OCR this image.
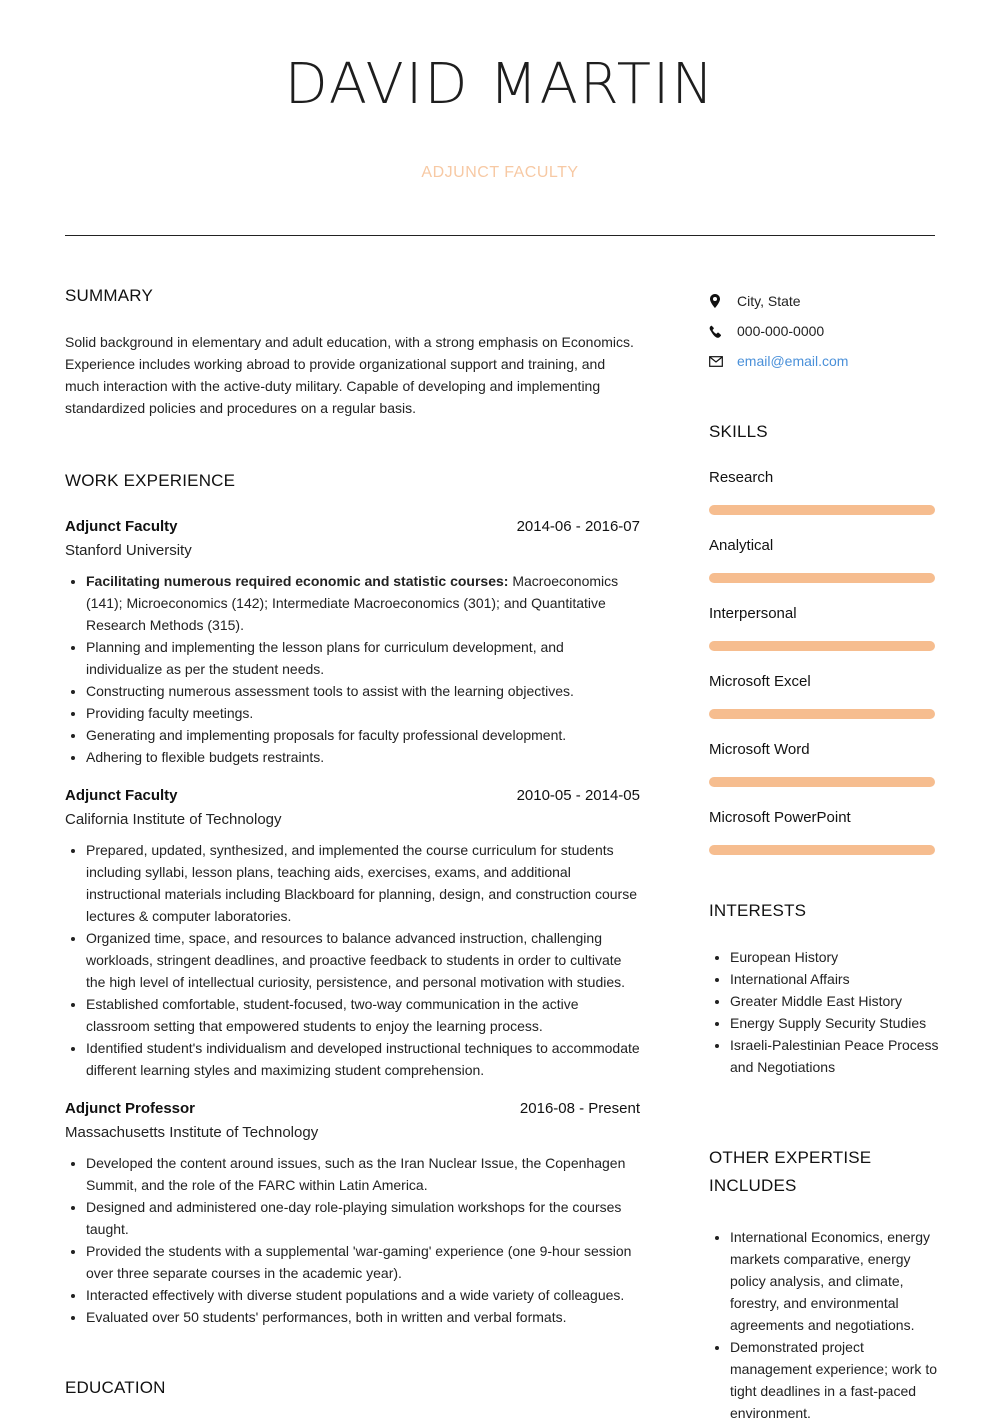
DAVID MARTIN
ADJUNCT FACULTY
SUMMARY

Solid background in elementary and adult education, with a strong emphasis on Economics. Experience includes working abroad to provide organizational support and training, and much interaction with the active-duty military. Capable of developing and implementing standardized policies and procedures on a regular basis.

WORK EXPERIENCE
Adjunct Faculty	2014-06 - 2016-07
Stanford University
• Facilitating numerous required economic and statistic courses: Macroeconomics (141); Microeconomics (142); Intermediate Macroeconomics (301); and Quantitative Research Methods (315).
• Planning and implementing the lesson plans for curriculum development, and individualize as per the student needs.
• Constructing numerous assessment tools to assist with the learning objectives.
• Providing faculty meetings.
• Generating and implementing proposals for faculty professional development.
• Adhering to flexible budgets restraints.
Adjunct Faculty	2010-05 - 2014-05
California Institute of Technology
• Prepared, updated, synthesized, and implemented the course curriculum for students including syllabi, lesson plans, teaching aids, exercises, exams, and additional instructional materials including Blackboard for planning, design, and construction course lectures & computer laboratories.
• Organized time, space, and resources to balance advanced instruction, challenging workloads, stringent deadlines, and proactive feedback to students in order to cultivate the high level of intellectual curiosity, persistence, and personal motivation with studies.
• Established comfortable, student-focused, two-way communication in the active classroom setting that empowered students to enjoy the learning process.
• Identified student's individualism and developed instructional techniques to accommodate different learning styles and maximizing student comprehension.
Adjunct Professor	2016-08 - Present
Massachusetts Institute of Technology
• Developed the content around issues, such as the Iran Nuclear Issue, the Copenhagen Summit, and the role of the FARC within Latin America.
• Designed and administered one-day role-playing simulation workshops for the courses taught.
• Provided the students with a supplemental 'war-gaming' experience (one 9-hour session over three separate courses in the academic year).
• Interacted effectively with diverse student populations and a wide variety of colleagues.
• Evaluated over 50 students' performances, both in written and verbal formats.
EDUCATION
City, State
000-000-0000
email@email.com
SKILLS
Research
Analytical
Interpersonal
Microsoft Excel
Microsoft Word
Microsoft PowerPoint
INTERESTS
• European History
• International Affairs
• Greater Middle East History
• Energy Supply Security Studies
• Israeli-Palestinian Peace Process and Negotiations
OTHER EXPERTISE INCLUDES
• International Economics, energy markets comparative, energy policy analysis, and climate, forestry, and environmental agreements and negotiations.
• Demonstrated project management experience; work to tight deadlines in a fast-paced environment.
